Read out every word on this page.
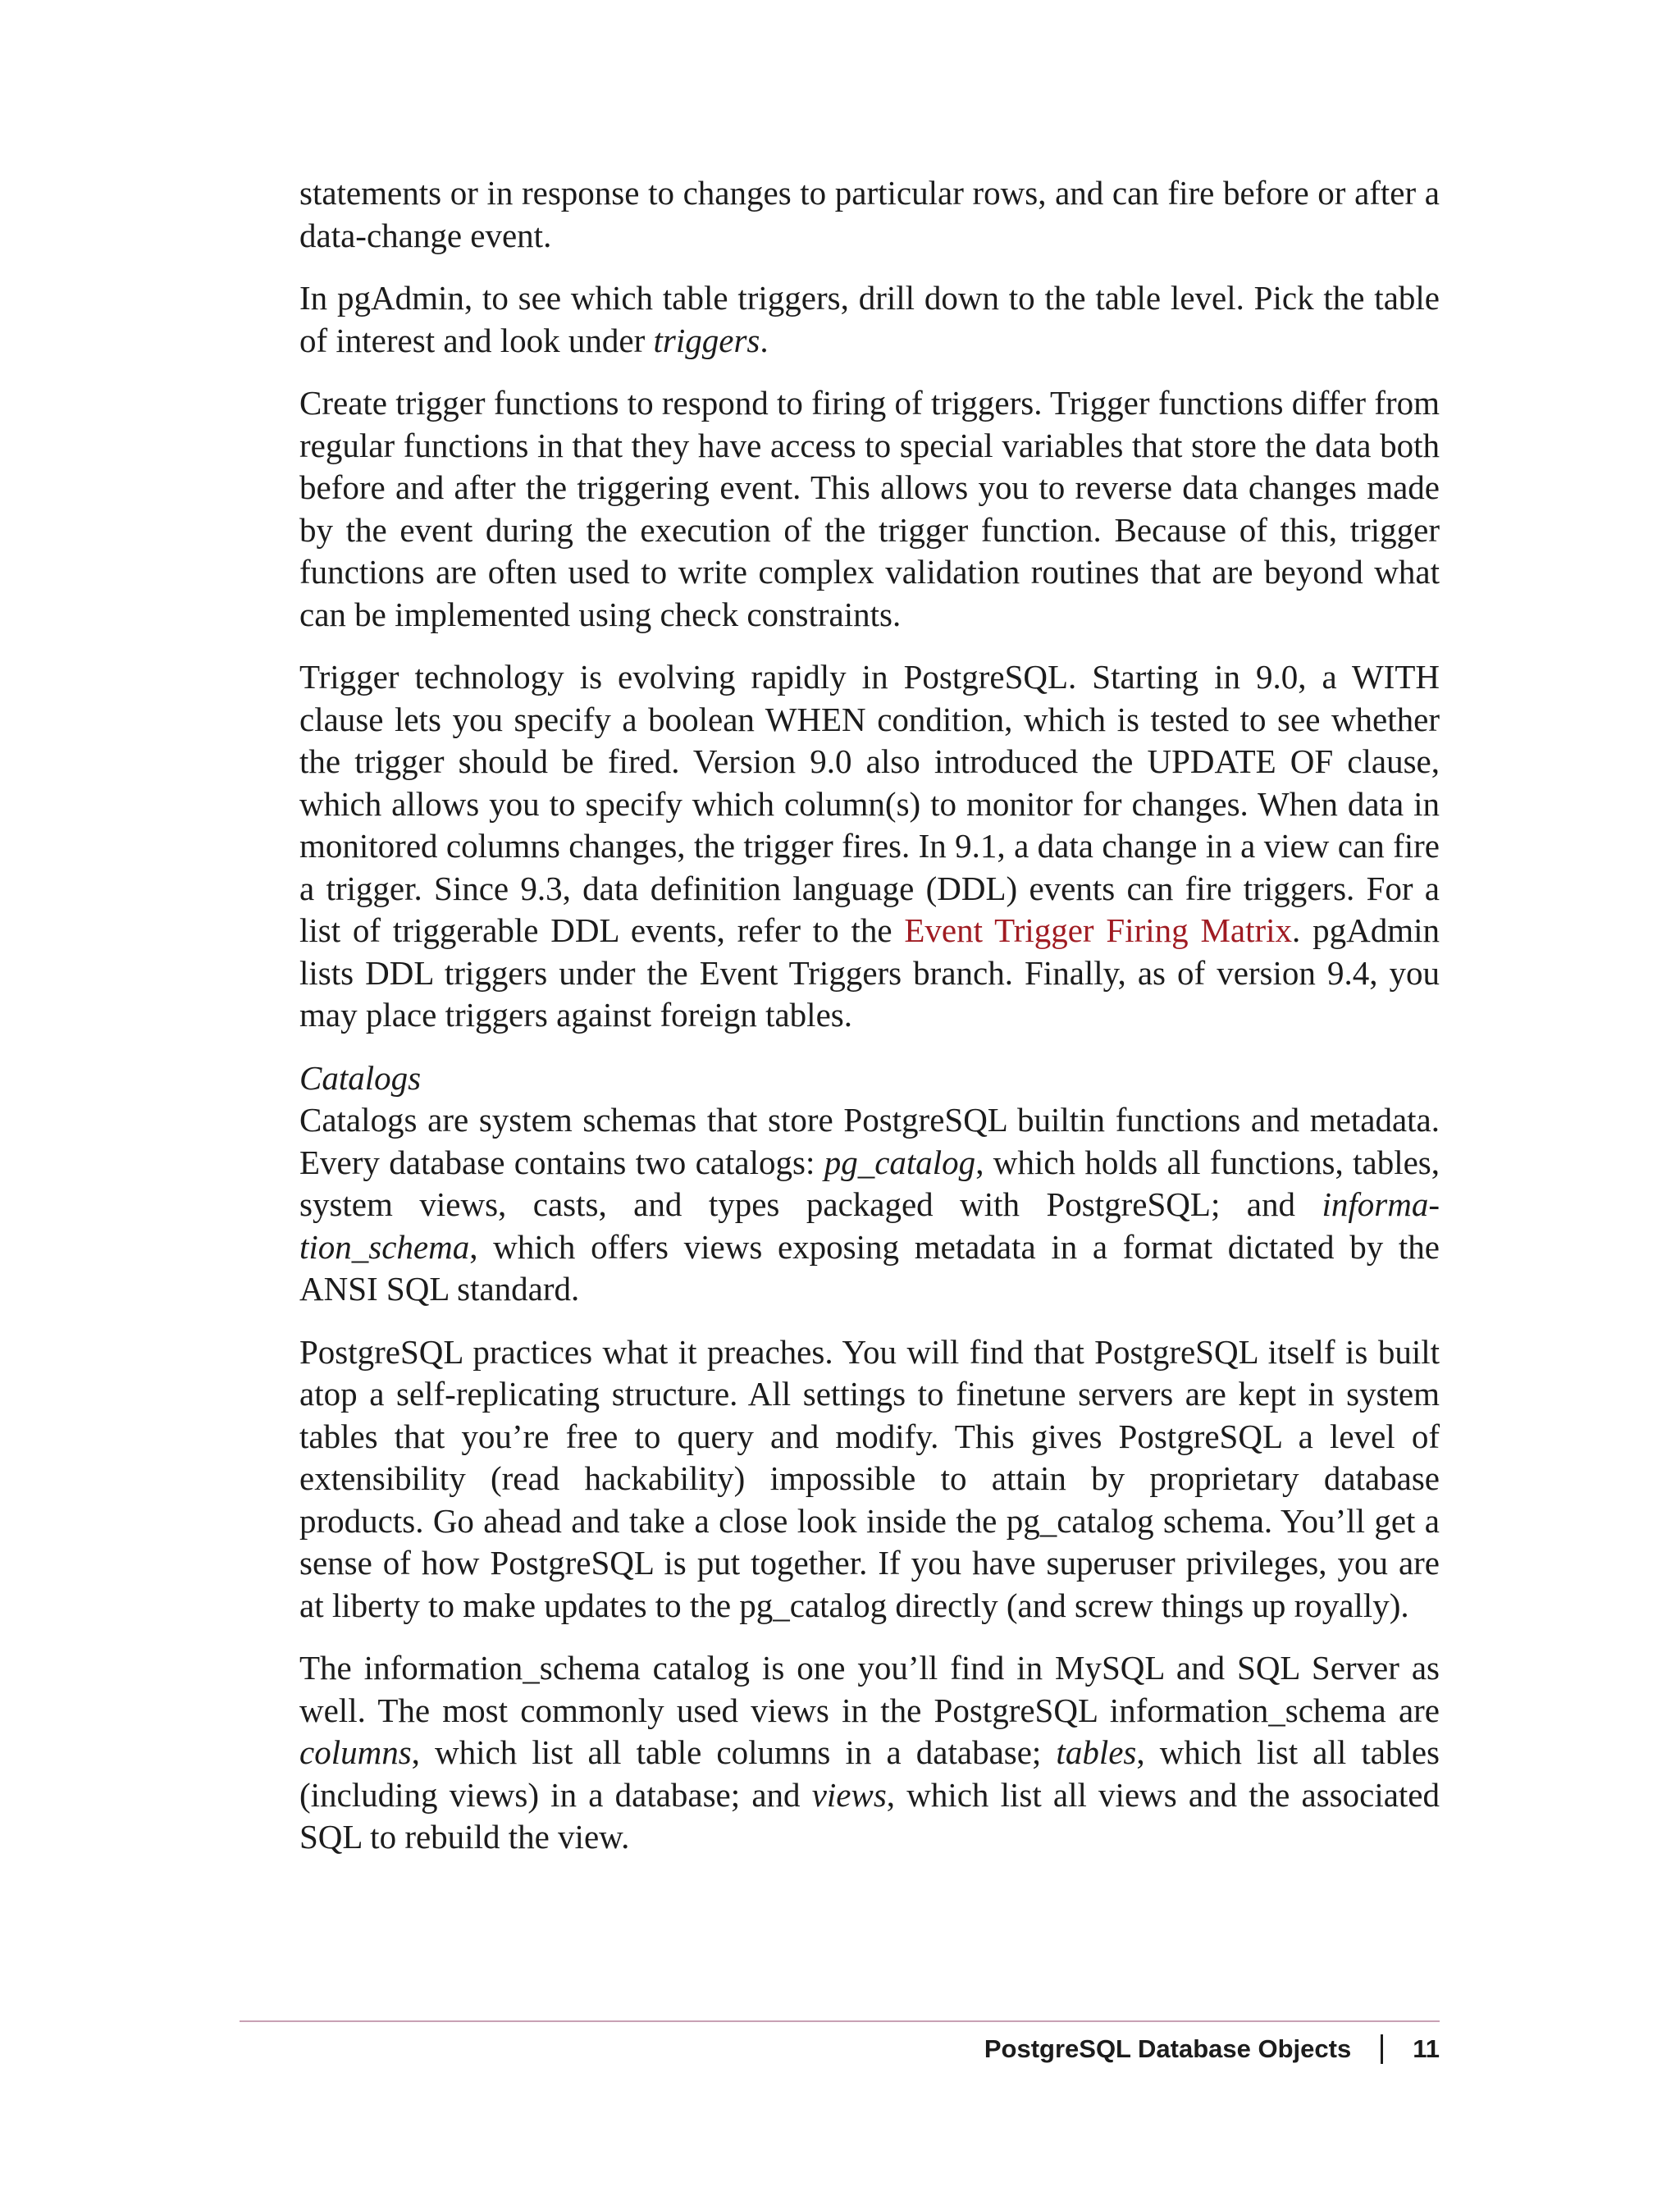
statements or in response to changes to particular rows, and can fire before or after a data-change event.

In pgAdmin, to see which table triggers, drill down to the table level. Pick the table of interest and look under triggers.

Create trigger functions to respond to firing of triggers. Trigger functions differ from regular functions in that they have access to special variables that store the data both before and after the triggering event. This allows you to reverse data changes made by the event during the execution of the trigger function. Because of this, trigger functions are often used to write complex validation routines that are beyond what can be implemented using check constraints.

Trigger technology is evolving rapidly in PostgreSQL. Starting in 9.0, a WITH clause lets you specify a boolean WHEN condition, which is tested to see whether the trigger should be fired. Version 9.0 also introduced the UPDATE OF clause, which allows you to specify which column(s) to monitor for changes. When data in monitored columns changes, the trigger fires. In 9.1, a data change in a view can fire a trigger. Since 9.3, data definition language (DDL) events can fire triggers. For a list of triggerable DDL events, refer to the Event Trigger Firing Matrix. pgAdmin lists DDL triggers under the Event Triggers branch. Finally, as of version 9.4, you may place triggers against foreign tables.

Catalogs

Catalogs are system schemas that store PostgreSQL builtin functions and metadata. Every database contains two catalogs: pg_catalog, which holds all functions, tables, system views, casts, and types packaged with PostgreSQL; and information_schema, which offers views exposing metadata in a format dictated by the ANSI SQL standard.

PostgreSQL practices what it preaches. You will find that PostgreSQL itself is built atop a self-replicating structure. All settings to finetune servers are kept in system tables that you’re free to query and modify. This gives PostgreSQL a level of extensibility (read hackability) impossible to attain by proprietary database products. Go ahead and take a close look inside the pg_catalog schema. You’ll get a sense of how PostgreSQL is put together. If you have superuser privileges, you are at liberty to make updates to the pg_catalog directly (and screw things up royally).

The information_schema catalog is one you’ll find in MySQL and SQL Server as well. The most commonly used views in the PostgreSQL information_schema are columns, which list all table columns in a database; tables, which list all tables (including views) in a database; and views, which list all views and the associated SQL to rebuild the view.

PostgreSQL Database Objects 11
